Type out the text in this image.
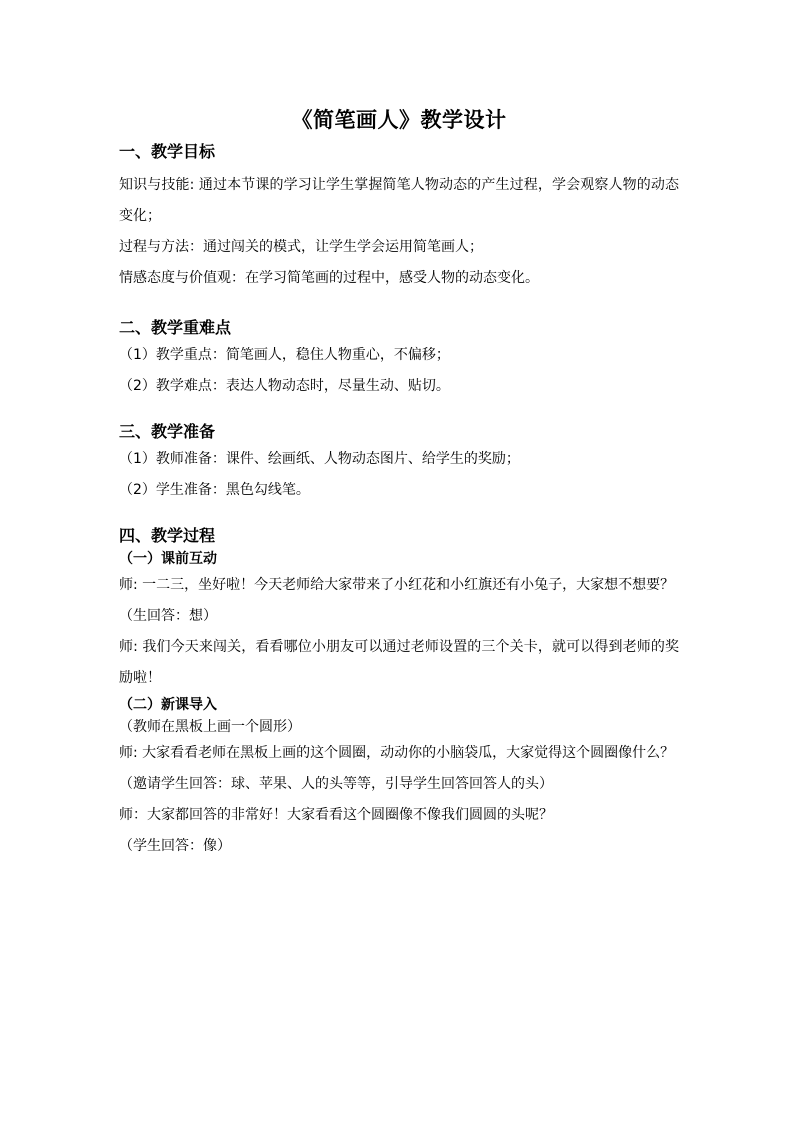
《简笔画人》教学设计
一、教学目标

知识与技能: 通过本节课的学习让学生掌握简笔人物动态的产生过程，学会观察人物的动态变化；

过程与方法：通过闯关的模式，让学生学会运用简笔画人；

情感态度与价值观：在学习简笔画的过程中，感受人物的动态变化。

二、教学重难点

（1）教学重点：简笔画人，稳住人物重心，不偏移；

（2）教学难点：表达人物动态时，尽量生动、贴切。

三、教学准备

（1）教师准备：课件、绘画纸、人物动态图片、给学生的奖励；

（2）学生准备：黑色勾线笔。

四、教学过程
（一）课前互动

师: 一二三，坐好啦！今天老师给大家带来了小红花和小红旗还有小兔子，大家想不想要？

（生回答：想）

师: 我们今天来闯关，看看哪位小朋友可以通过老师设置的三个关卡，就可以得到老师的奖励啦！

（二）新课导入

（教师在黑板上画一个圆形）

师: 大家看看老师在黑板上画的这个圆圈，动动你的小脑袋瓜，大家觉得这个圆圈像什么？

（邀请学生回答：球、苹果、人的头等等，引导学生回答回答人的头）

师：大家都回答的非常好！大家看看这个圆圈像不像我们圆圆的头呢？

（学生回答：像）
